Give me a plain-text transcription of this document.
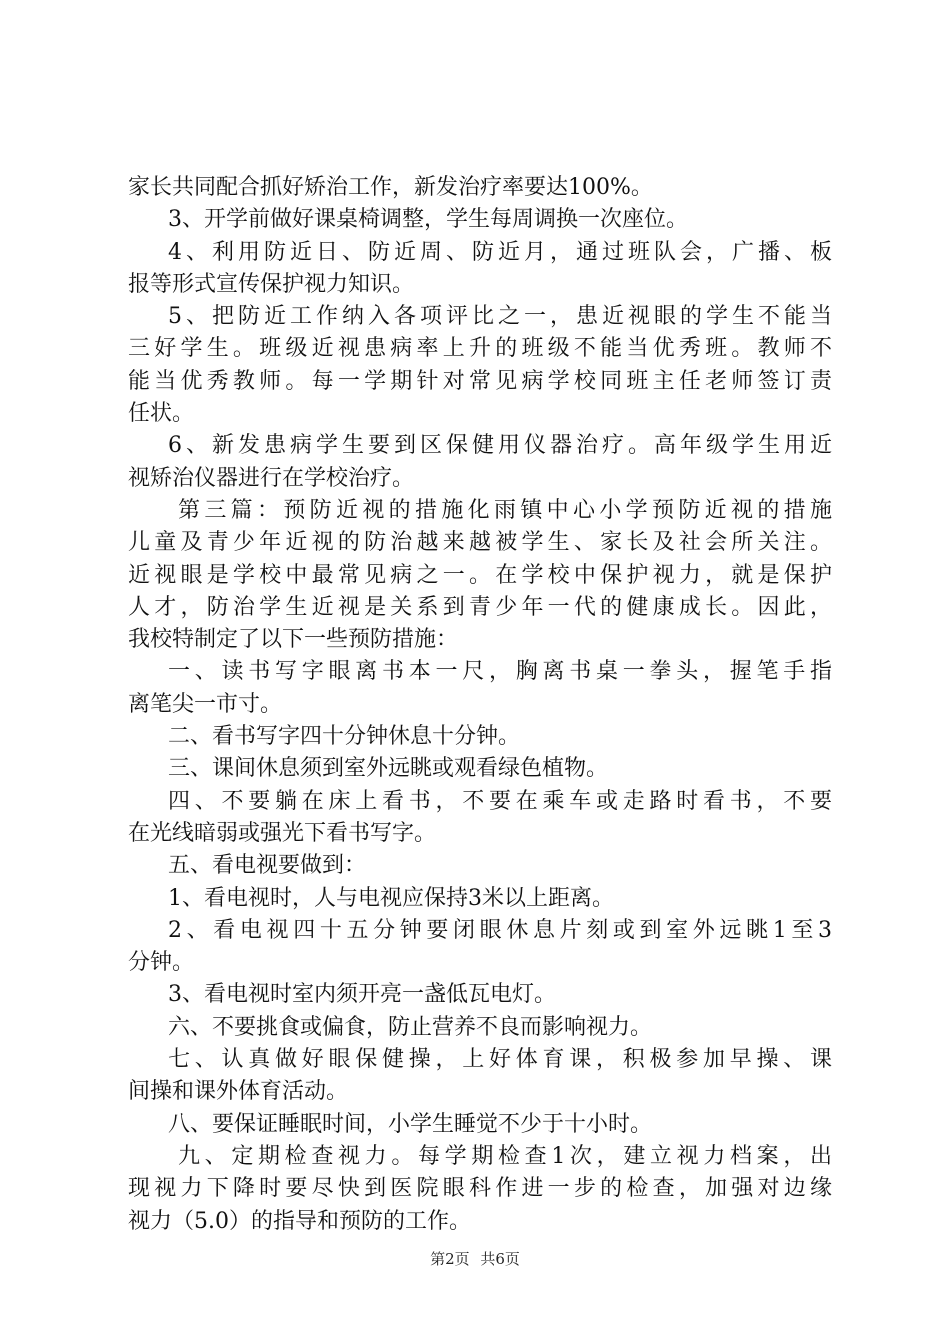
家长共同配合抓好矫治工作，新发治疗率要达100%。
3、开学前做好课桌椅调整，学生每周调换一次座位。
4、利用防近日、防近周、防近月，通过班队会，广播、板
报等形式宣传保护视力知识。
5、把防近工作纳入各项评比之一，患近视眼的学生不能当
三好学生。班级近视患病率上升的班级不能当优秀班。教师不
能当优秀教师。每一学期针对常见病学校同班主任老师签订责
任状。
6、新发患病学生要到区保健用仪器治疗。高年级学生用近
视矫治仪器进行在学校治疗。
第三篇：预防近视的措施化雨镇中心小学预防近视的措施
儿童及青少年近视的防治越来越被学生、家长及社会所关注。
近视眼是学校中最常见病之一。在学校中保护视力，就是保护
人才，防治学生近视是关系到青少年一代的健康成长。因此，
我校特制定了以下一些预防措施：
一、读书写字眼离书本一尺，胸离书桌一拳头，握笔手指
离笔尖一市寸。
二、看书写字四十分钟休息十分钟。
三、课间休息须到室外远眺或观看绿色植物。
四、不要躺在床上看书，不要在乘车或走路时看书，不要
在光线暗弱或强光下看书写字。
五、看电视要做到：
1、看电视时，人与电视应保持3米以上距离。
2、看电视四十五分钟要闭眼休息片刻或到室外远眺1至3
分钟。
3、看电视时室内须开亮一盏低瓦电灯。
六、不要挑食或偏食，防止营养不良而影响视力。
七、认真做好眼保健操，上好体育课，积极参加早操、课
间操和课外体育活动。
八、要保证睡眠时间，小学生睡觉不少于十小时。
九、定期检查视力。每学期检查1次，建立视力档案，出
现视力下降时要尽快到医院眼科作进一步的检查，加强对边缘
视力（5.0）的指导和预防的工作。
第2页 共6页
